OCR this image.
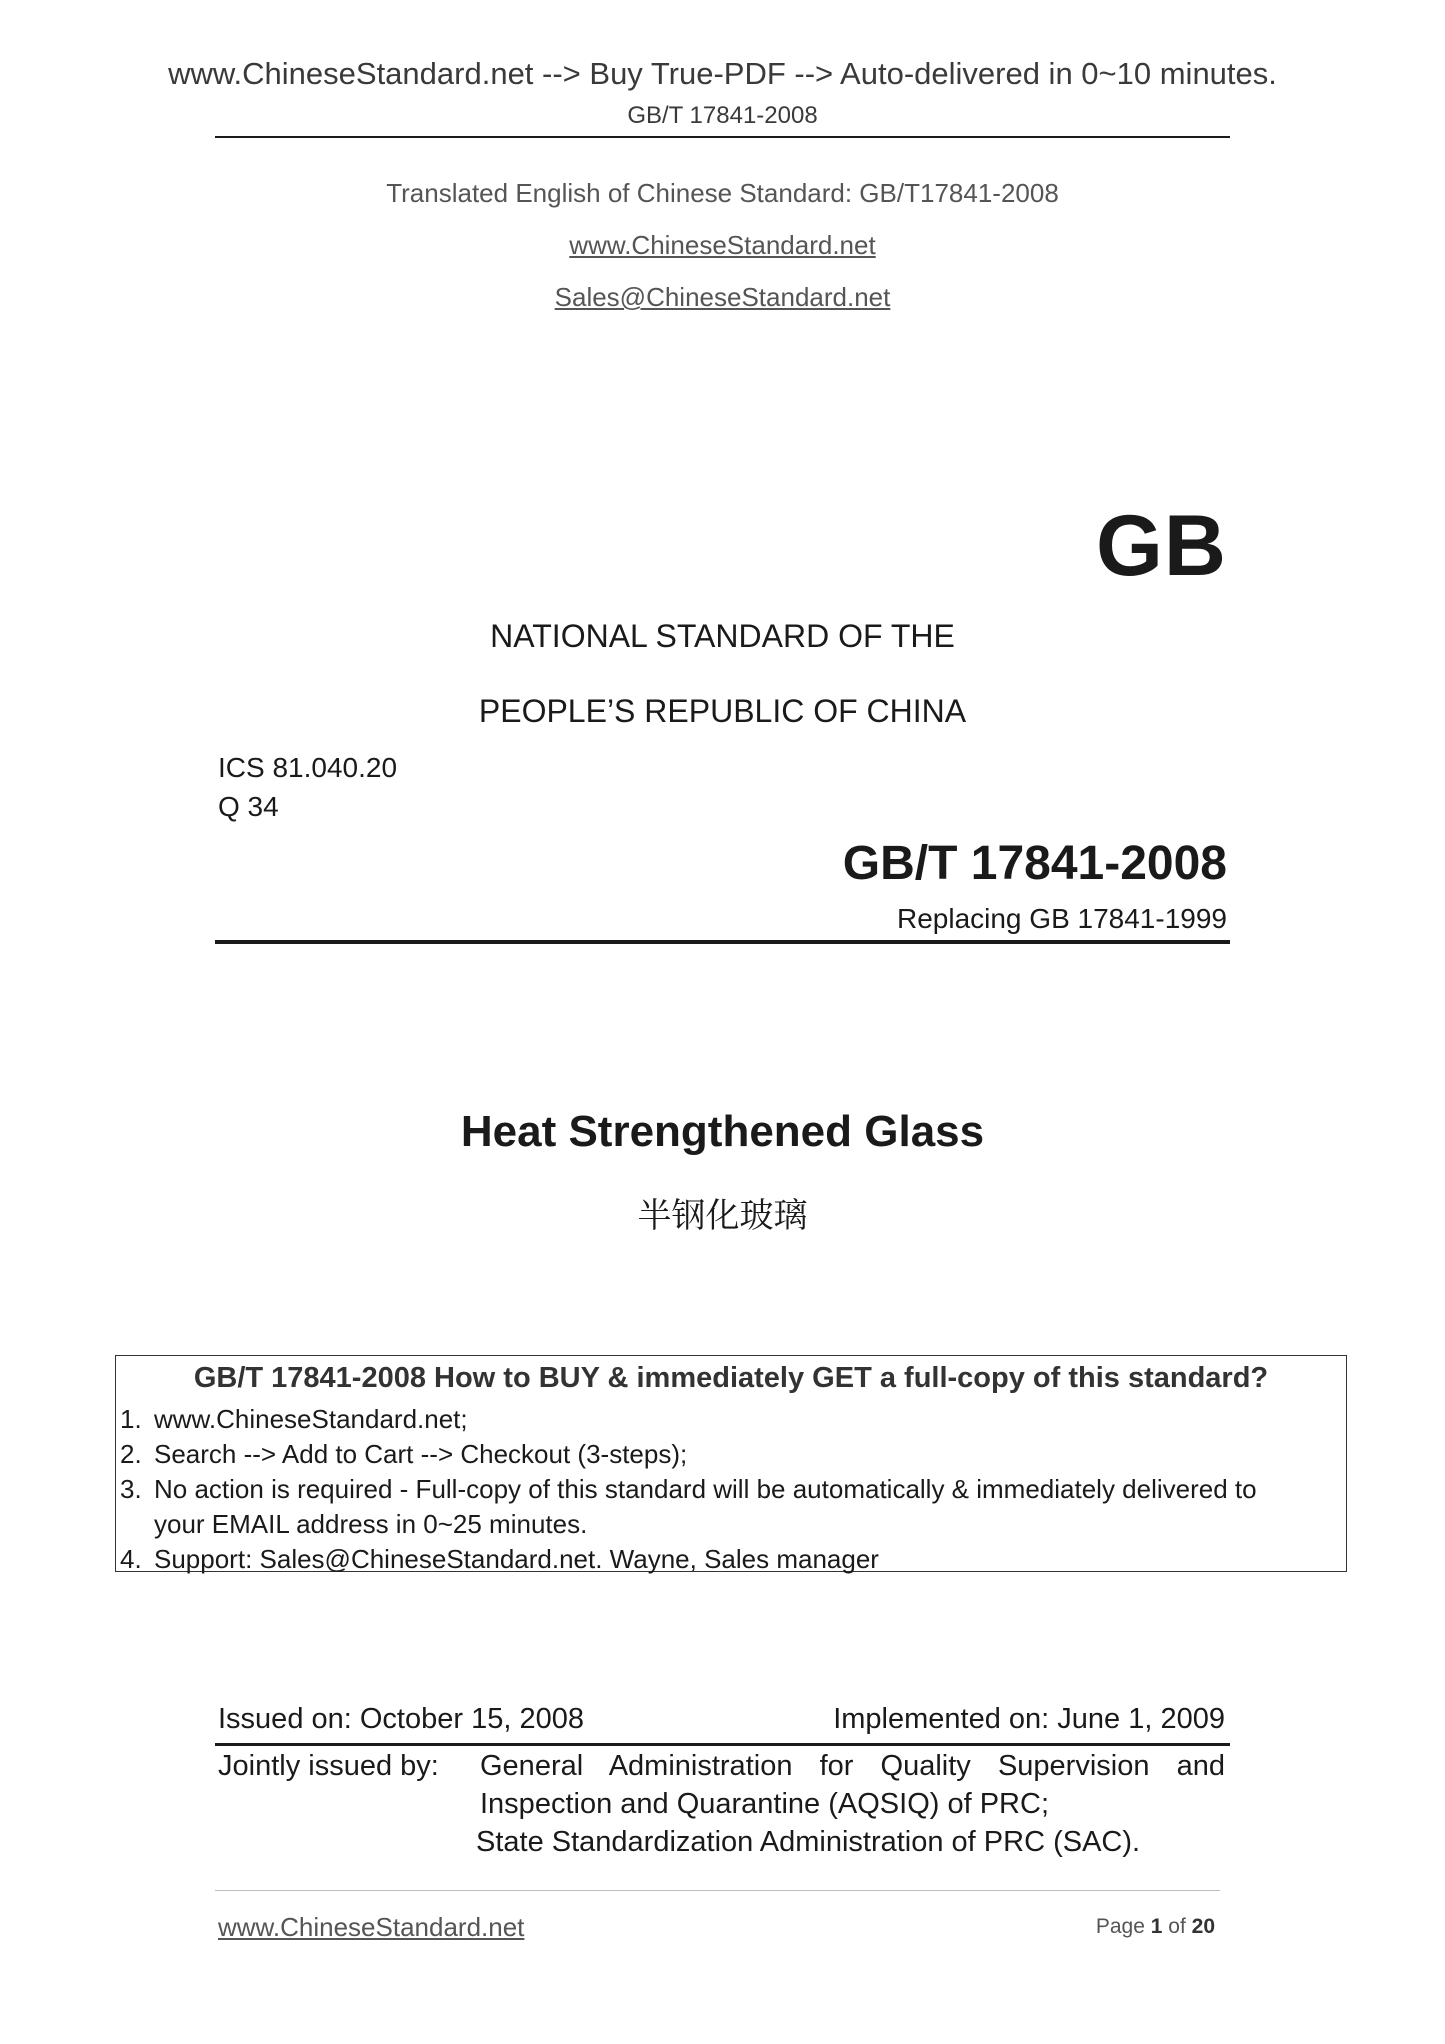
www.ChineseStandard.net --> Buy True-PDF --> Auto-delivered in 0~10 minutes.
GB/T 17841-2008
Translated English of Chinese Standard: GB/T17841-2008
www.ChineseStandard.net
Sales@ChineseStandard.net
GB
NATIONAL STANDARD OF THE
PEOPLE’S REPUBLIC OF CHINA
ICS 81.040.20
Q 34
GB/T 17841-2008
Replacing GB 17841-1999
Heat Strengthened Glass
半钢化玻璃
GB/T 17841-2008 How to BUY & immediately GET a full-copy of this standard?
1. www.ChineseStandard.net;
2. Search --> Add to Cart --> Checkout (3-steps);
3. No action is required - Full-copy of this standard will be automatically & immediately delivered to
your EMAIL address in 0~25 minutes.
4. Support: Sales@ChineseStandard.net. Wayne, Sales manager
Issued on: October 15, 2008	Implemented on: June 1, 2009
Jointly issued by: General Administration for Quality Supervision and
Inspection and Quarantine (AQSIQ) of PRC;
State Standardization Administration of PRC (SAC).
www.ChineseStandard.net	Page 1 of 20
